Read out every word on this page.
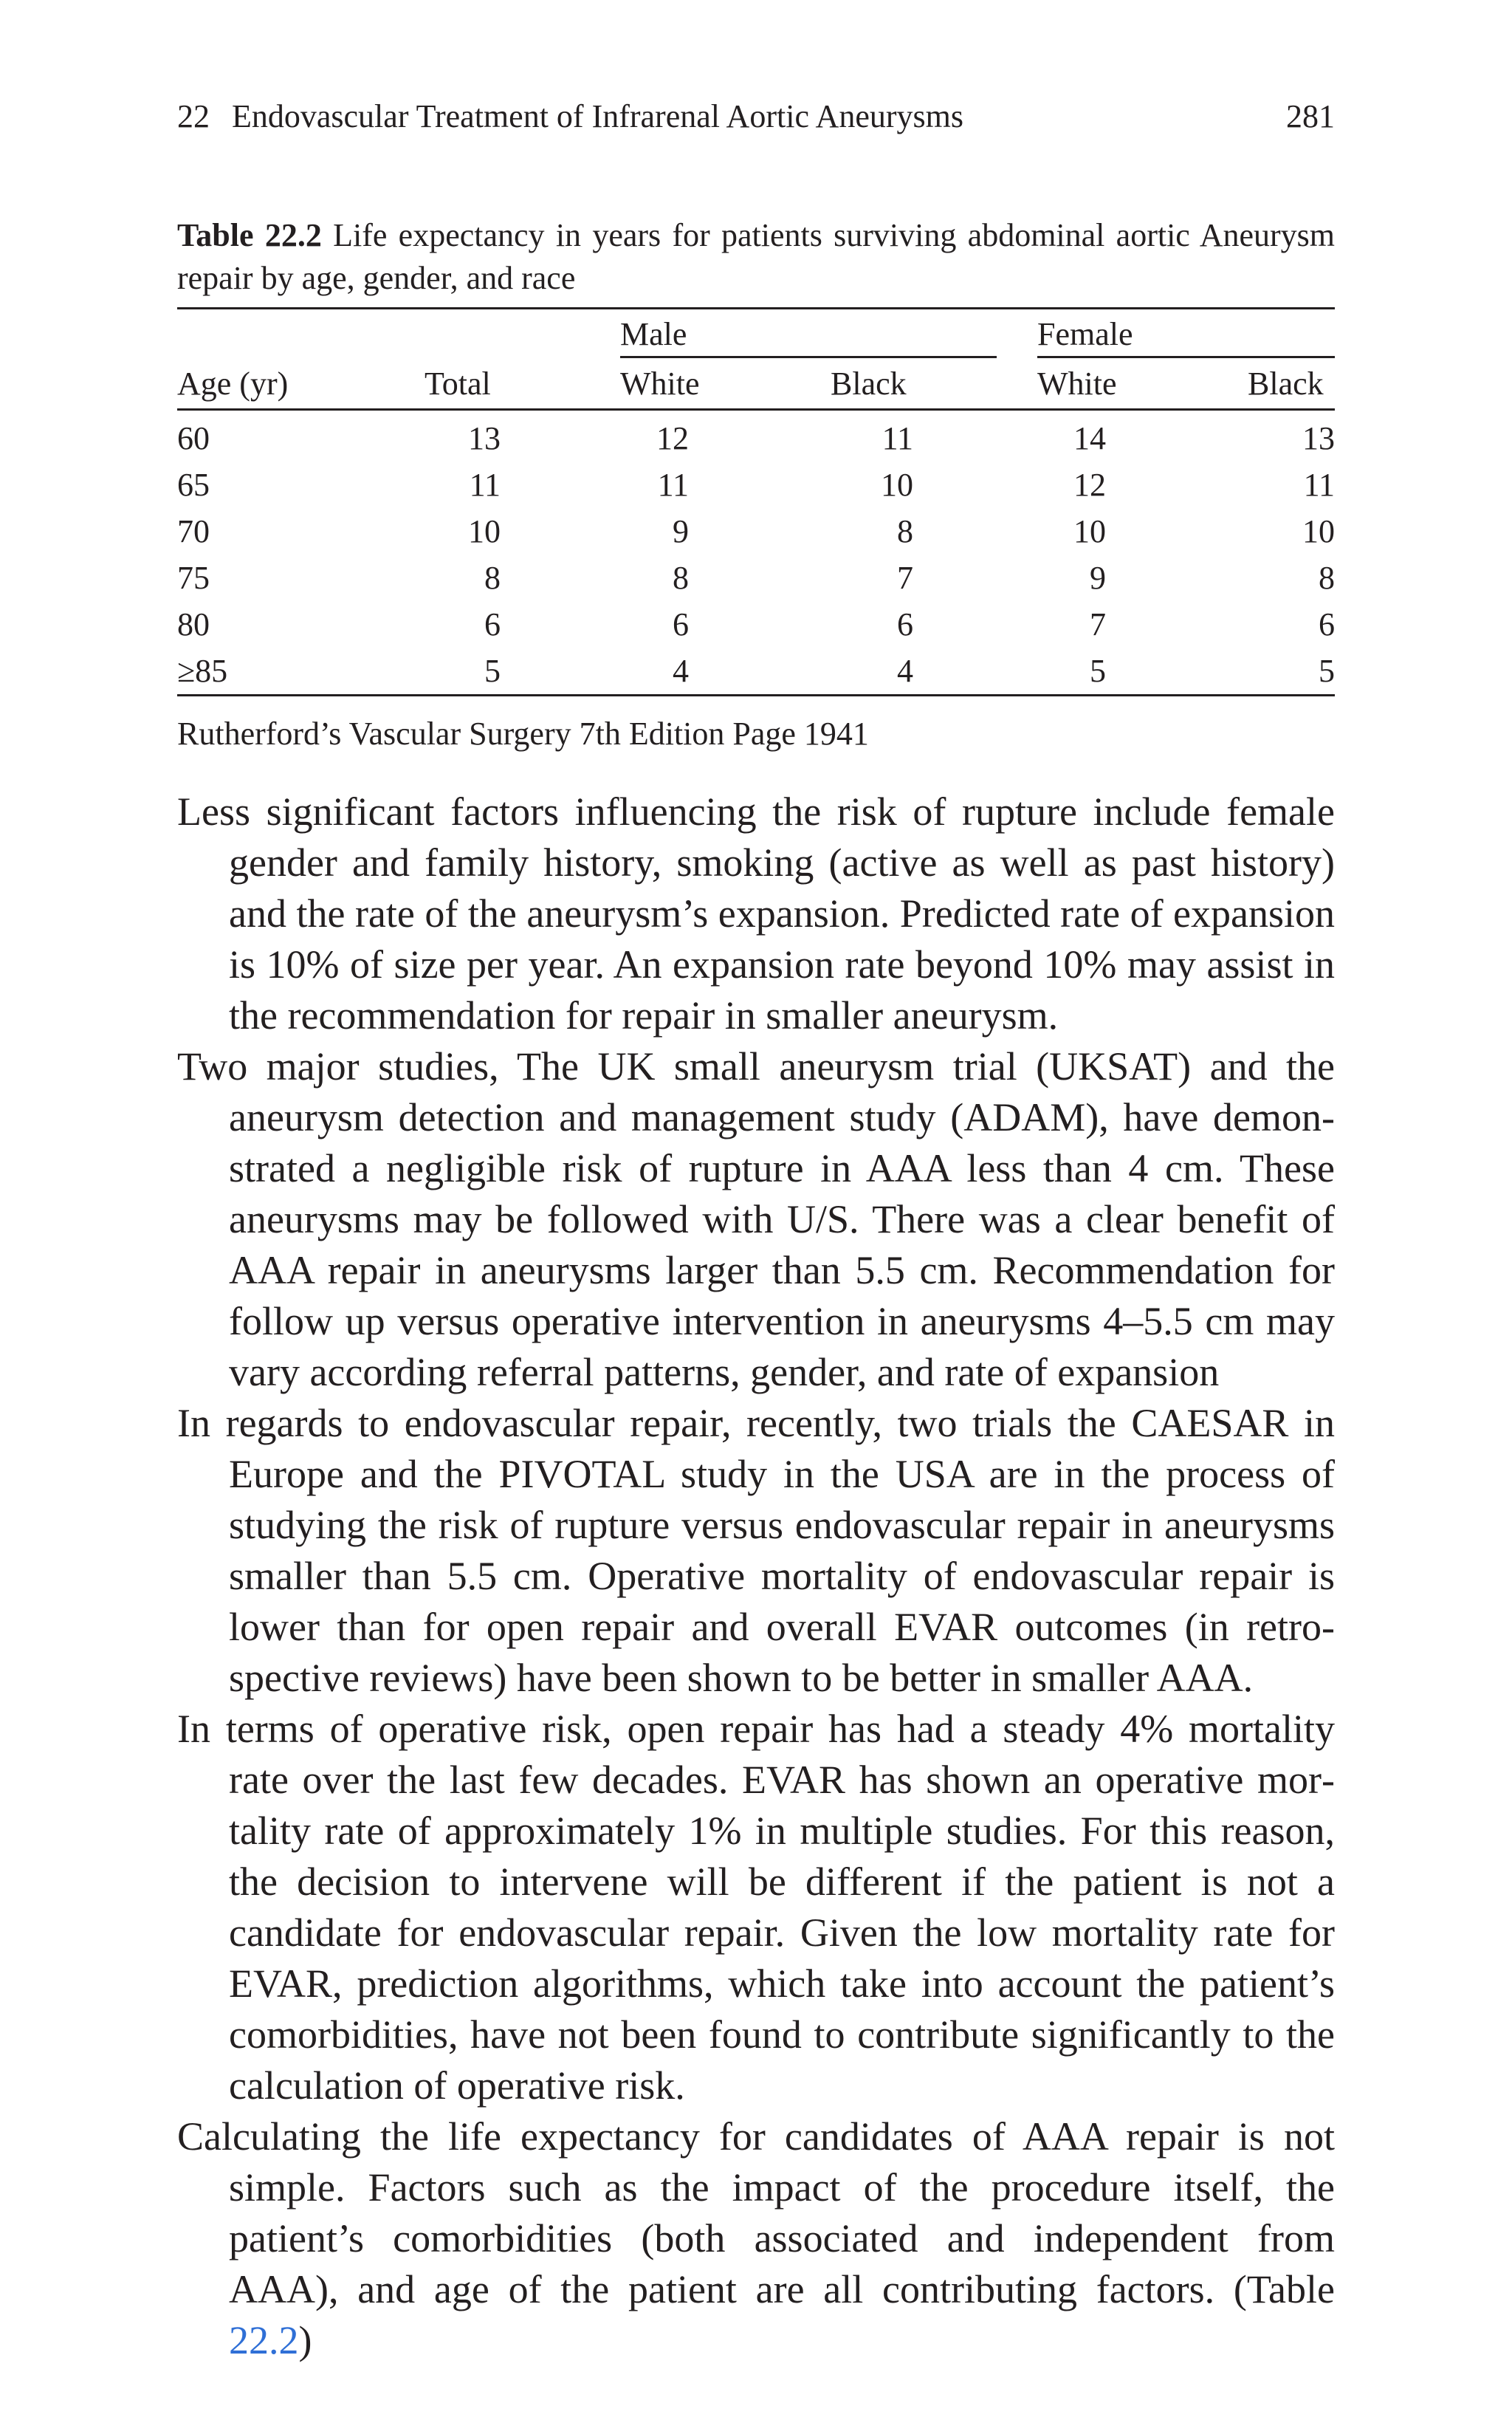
22 Endovascular Treatment of Infrarenal Aortic Aneurysms	281
Table 22.2 Life expectancy in years for patients surviving abdominal aortic Aneurysm repair by age, gender, and race
		Male		Female	

Age (yr)	Total	White	Black	White	Black
60	13	12	11	14	13
65	11	11	10	12	11
70	10	9	8	10	10
75	8	8	7	9	8
80	6	6	6	7	6
≥85	5	4	4	5	5
Rutherford’s Vascular Surgery 7th Edition Page 1941

Less significant factors influencing the risk of rupture include female gender and family history, smoking (active as well as past history) and the rate of the aneurysm’s expansion. Predicted rate of expansion is 10% of size per year. An expansion rate beyond 10% may assist in the recommendation for repair in smaller aneurysm.

Two major studies, The UK small aneurysm trial (UKSAT) and the aneurysm detection and management study (ADAM), have demonstrated a negligible risk of rupture in AAA less than 4 cm. These aneurysms may be followed with U/S. There was a clear benefit of AAA repair in aneurysms larger than 5.5 cm. Recommendation for follow up versus operative intervention in aneurysms 4–5.5 cm may vary according referral patterns, gender, and rate of expansion

In regards to endovascular repair, recently, two trials the CAESAR in Europe and the PIVOTAL study in the USA are in the process of studying the risk of rupture versus endovascular repair in aneurysms smaller than 5.5 cm. Operative mortality of endovascular repair is lower than for open repair and overall EVAR outcomes (in retrospective reviews) have been shown to be better in smaller AAA.

In terms of operative risk, open repair has had a steady 4% mortality rate over the last few decades. EVAR has shown an operative mortality rate of approximately 1% in multiple studies. For this reason, the decision to intervene will be different if the patient is not a candidate for endovascular repair. Given the low mortality rate for EVAR, prediction algorithms, which take into account the patient’s comorbidities, have not been found to contribute significantly to the calculation of operative risk.

Calculating the life expectancy for candidates of AAA repair is not simple. Factors such as the impact of the procedure itself, the patient’s comorbidities (both associated and independent from AAA), and age of the patient are all contributing factors. (Table 22.2)
